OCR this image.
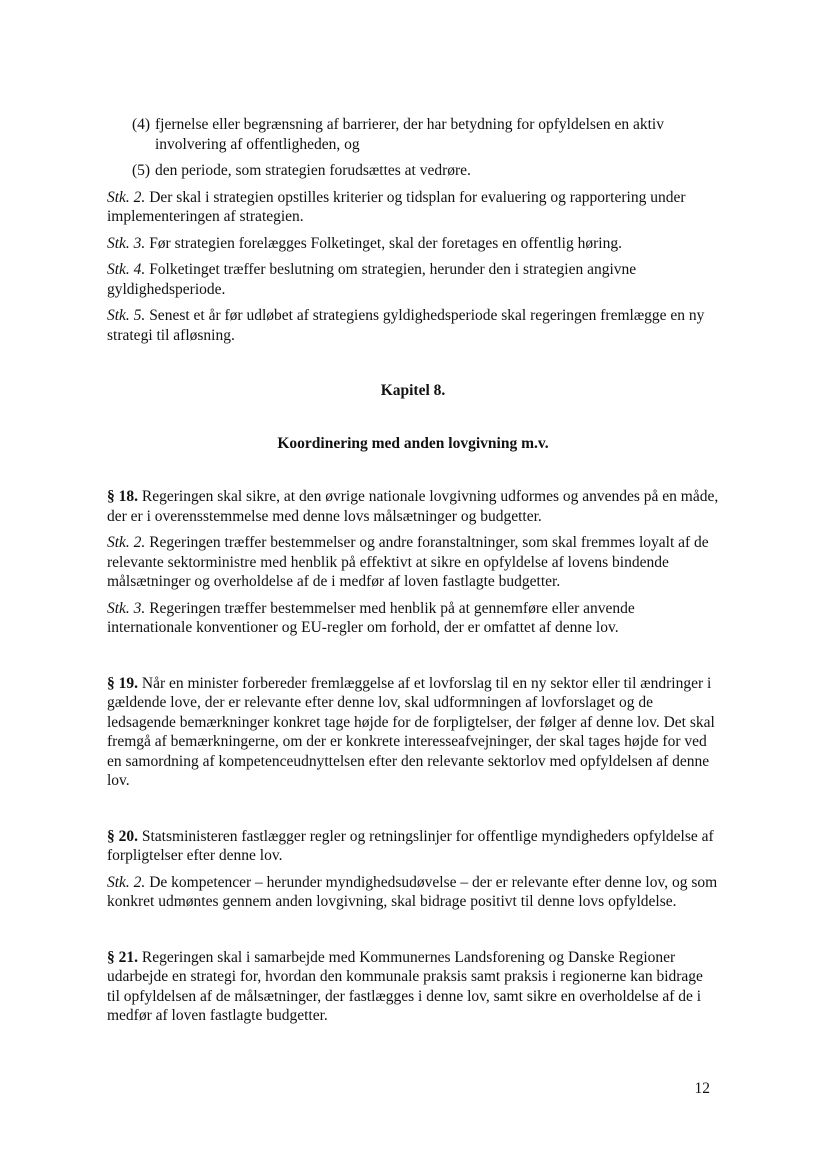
(4) fjernelse eller begrænsning af barrierer, der har betydning for opfyldelsen en aktiv involvering af offentligheden, og
(5) den periode, som strategien forudsættes at vedrøre.

Stk. 2. Der skal i strategien opstilles kriterier og tidsplan for evaluering og rapportering under implementeringen af strategien.

Stk. 3. Før strategien forelægges Folketinget, skal der foretages en offentlig høring.

Stk. 4. Folketinget træffer beslutning om strategien, herunder den i strategien angivne gyldighedsperiode.

Stk. 5. Senest et år før udløbet af strategiens gyldighedsperiode skal regeringen fremlægge en ny strategi til afløsning.

Kapitel 8.
Koordinering med anden lovgivning m.v.

§ 18. Regeringen skal sikre, at den øvrige nationale lovgivning udformes og anvendes på en måde, der er i overensstemmelse med denne lovs målsætninger og budgetter.

Stk. 2. Regeringen træffer bestemmelser og andre foranstaltninger, som skal fremmes loyalt af de relevante sektorministre med henblik på effektivt at sikre en opfyldelse af lovens bindende målsætninger og overholdelse af de i medfør af loven fastlagte budgetter.

Stk. 3. Regeringen træffer bestemmelser med henblik på at gennemføre eller anvende internationale konventioner og EU-regler om forhold, der er omfattet af denne lov.

§ 19. Når en minister forbereder fremlæggelse af et lovforslag til en ny sektor eller til ændringer i gældende love, der er relevante efter denne lov, skal udformningen af lovforslaget og de ledsagende bemærkninger konkret tage højde for de forpligtelser, der følger af denne lov. Det skal fremgå af bemærkningerne, om der er konkrete interesseafvejninger, der skal tages højde for ved en samordning af kompetenceudnyttelsen efter den relevante sektorlov med opfyldelsen af denne lov.

§ 20. Statsministeren fastlægger regler og retningslinjer for offentlige myndigheders opfyldelse af forpligtelser efter denne lov.

Stk. 2. De kompetencer – herunder myndighedsudøvelse – der er relevante efter denne lov, og som konkret udmøntes gennem anden lovgivning, skal bidrage positivt til denne lovs opfyldelse.

§ 21. Regeringen skal i samarbejde med Kommunernes Landsforening og Danske Regioner udarbejde en strategi for, hvordan den kommunale praksis samt praksis i regionerne kan bidrage til opfyldelsen af de målsætninger, der fastlægges i denne lov, samt sikre en overholdelse af de i medfør af loven fastlagte budgetter.

12
